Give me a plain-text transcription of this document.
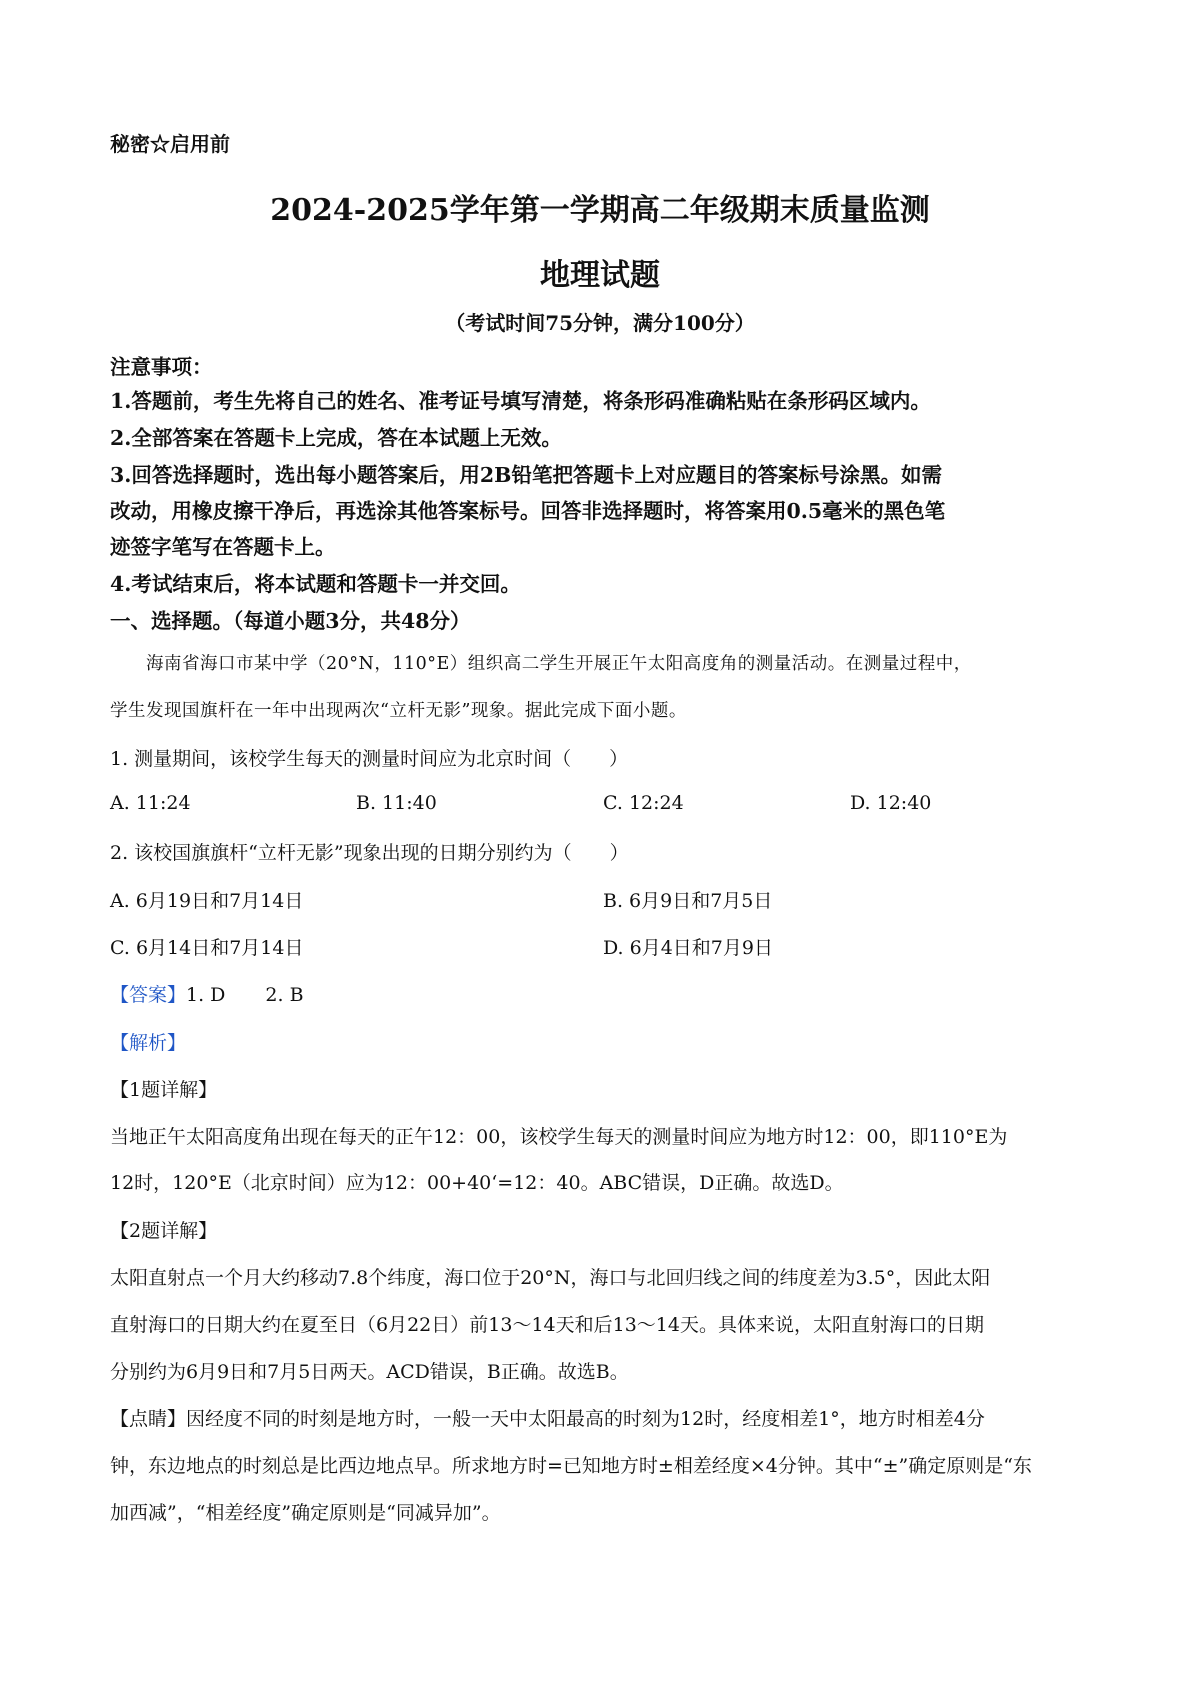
秘密☆启用前
2024-2025学年第一学期高二年级期末质量监测
地理试题
（考试时间75分钟，满分100分）
注意事项：
1.答题前，考生先将自己的姓名、准考证号填写清楚，将条形码准确粘贴在条形码区域内。
2.全部答案在答题卡上完成，答在本试题上无效。
3.回答选择题时，选出每小题答案后，用2B铅笔把答题卡上对应题目的答案标号涂黑。如需
改动，用橡皮擦干净后，再选涂其他答案标号。回答非选择题时，将答案用0.5毫米的黑色笔
迹签字笔写在答题卡上。
4.考试结束后，将本试题和答题卡一并交回。
一、选择题。（每道小题3分，共48分）
海南省海口市某中学（20°N，110°E）组织高二学生开展正午太阳高度角的测量活动。在测量过程中，
学生发现国旗杆在一年中出现两次“立杆无影”现象。据此完成下面小题。
1. 测量期间，该校学生每天的测量时间应为北京时间（　　）
A. 11:24	B. 11:40	C. 12:24	D. 12:40
2. 该校国旗旗杆“立杆无影”现象出现的日期分别约为（　　）
A. 6月19日和7月14日	B. 6月9日和7月5日
C. 6月14日和7月14日	D. 6月4日和7月9日
【答案】1. D 2. B
【解析】
【1题详解】
当地正午太阳高度角出现在每天的正午12：00，该校学生每天的测量时间应为地方时12：00，即110°E为
12时，120°E（北京时间）应为12：00+40‘=12：40。ABC错误，D正确。故选D。
【2题详解】
太阳直射点一个月大约移动7.8个纬度，海口位于20°N，海口与北回归线之间的纬度差为3.5°，因此太阳
直射海口的日期大约在夏至日（6月22日）前13～14天和后13～14天。具体来说，太阳直射海口的日期
分别约为6月9日和7月5日两天。ACD错误，B正确。故选B。
【点睛】因经度不同的时刻是地方时，一般一天中太阳最高的时刻为12时，经度相差1°，地方时相差4分
钟，东边地点的时刻总是比西边地点早。所求地方时=已知地方时±相差经度×4分钟。其中“±”确定原则是“东
加西减”，“相差经度”确定原则是“同减异加”。
